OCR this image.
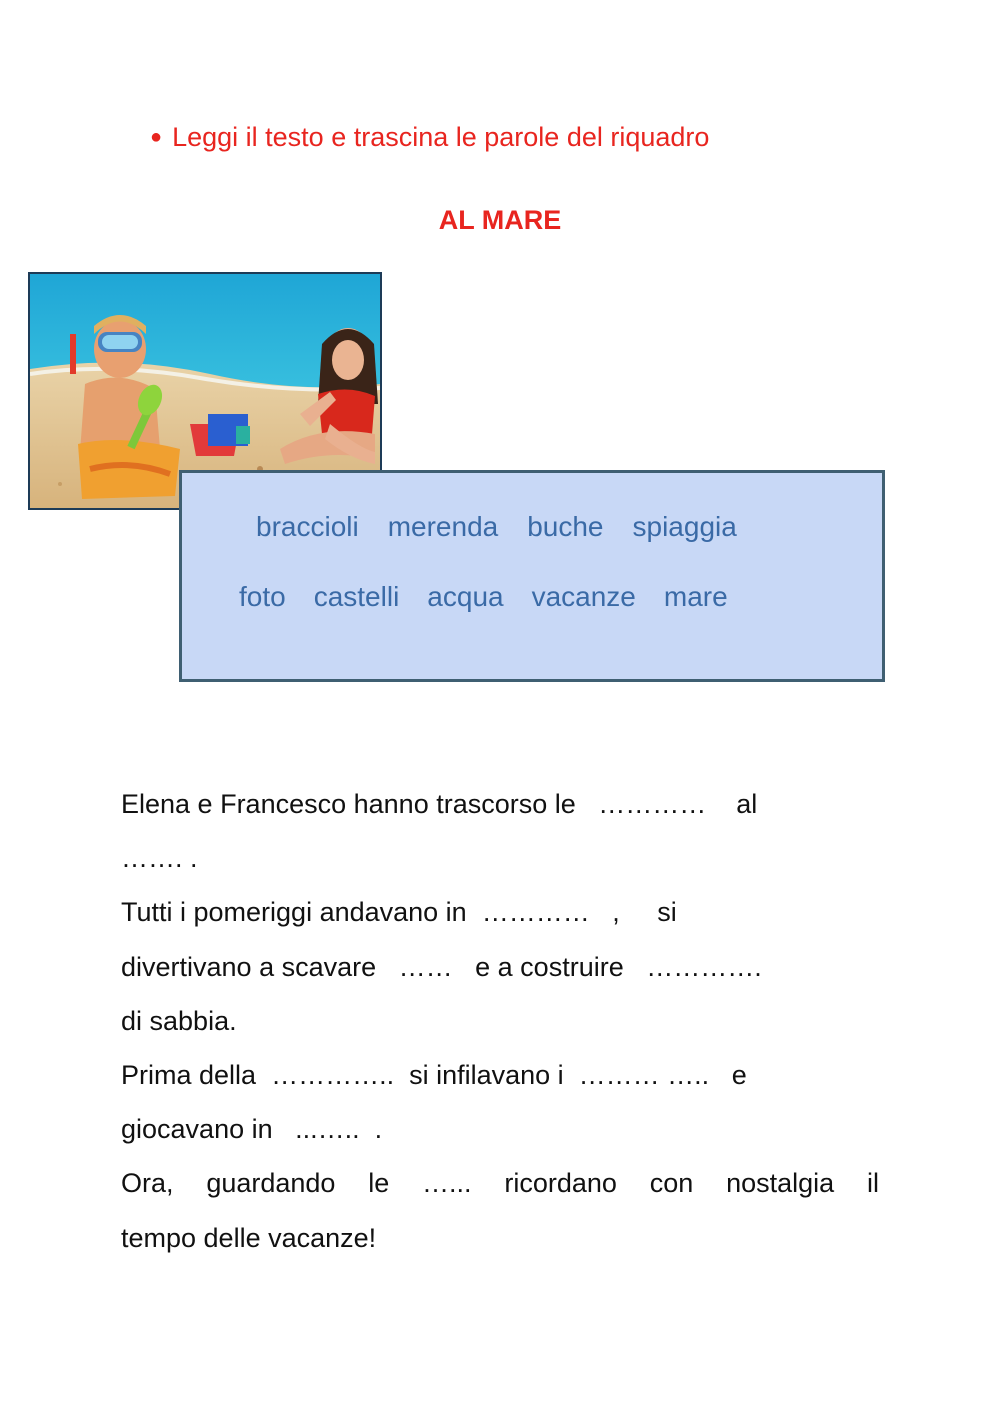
● Leggi il testo e trascina le parole del riquadro
AL MARE
braccioli merenda buche spiaggia
foto castelli acqua vacanze mare
Elena e Francesco hanno trascorso le   …………    al
……. .
Tutti i pomeriggi andavano in  …………   ,     si
divertivano a scavare   ……   e a costruire   ………….
di sabbia.
Prima della  …………..  si infilavano i  ……… …..   e
giocavano in   ...…..  .
Ora, guardando le …... ricordano con nostalgia il
tempo delle vacanze!
